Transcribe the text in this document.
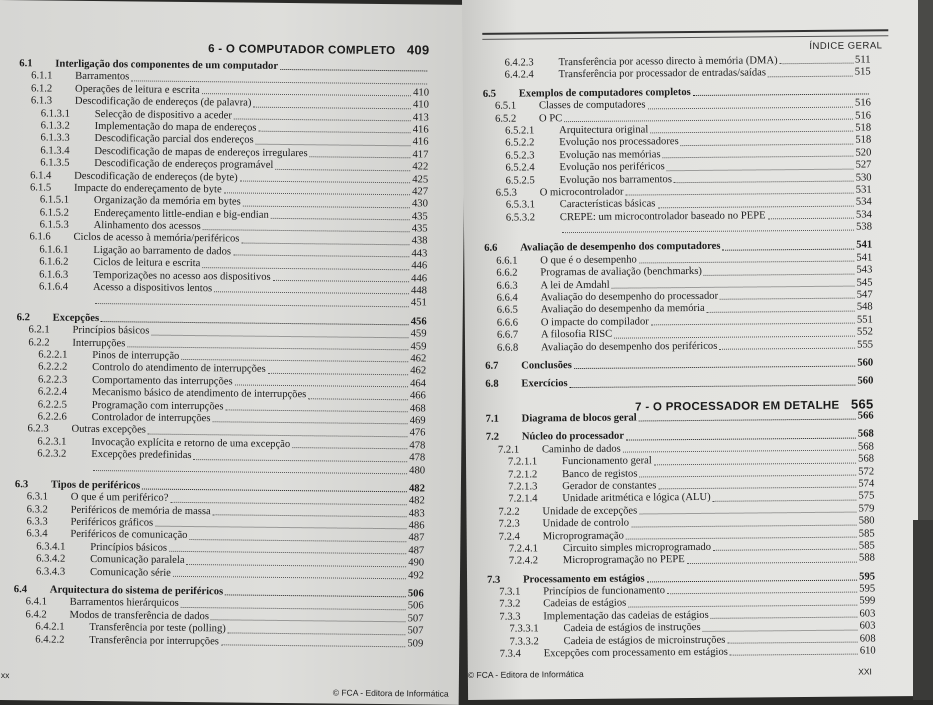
6 - O COMPUTADOR COMPLETO 409
6.1 Interligação dos componentes de um computador
6.1.1 Barramentos
6.1.2 Operações de leitura e escrita	410
6.1.3 Descodificação de endereços (de palavra)	410
6.1.3.1 Selecção de dispositivo a aceder	413
6.1.3.2 Implementação do mapa de endereços	416
6.1.3.3 Descodificação parcial dos endereços	416
6.1.3.4 Descodificação de mapas de endereços irregulares	417
6.1.3.5 Descodificação de endereços programável	422
6.1.4 Descodificação de endereços (de byte)	425
6.1.5 Impacte do endereçamento de byte	427
6.1.5.1 Organização da memória em bytes	430
6.1.5.2 Endereçamento little-endian e big-endian	435
6.1.5.3 Alinhamento dos acessos	435
6.1.6 Ciclos de acesso à memória/periféricos	438
6.1.6.1 Ligação ao barramento de dados	443
6.1.6.2 Ciclos de leitura e escrita	446
6.1.6.3 Temporizações no acesso aos dispositivos	446
6.1.6.4 Acesso a dispositivos lentos	448
451
6.2 Excepções	456
6.2.1 Princípios básicos	459
6.2.2 Interrupções	459
6.2.2.1 Pinos de interrupção	462
6.2.2.2 Controlo do atendimento de interrupções	462
6.2.2.3 Comportamento das interrupções	464
6.2.2.4 Mecanismo básico de atendimento de interrupções	466
6.2.2.5 Programação com interrupções	468
6.2.2.6 Controlador de interrupções	469
6.2.3 Outras excepções	476
6.2.3.1 Invocação explícita e retorno de uma excepção	478
6.2.3.2 Excepções predefinidas	478
480
6.3 Tipos de periféricos	482
6.3.1 O que é um periférico?	482
6.3.2 Periféricos de memória de massa	483
6.3.3 Periféricos gráficos	486
6.3.4 Periféricos de comunicação	487
6.3.4.1 Princípios básicos	487
6.3.4.2 Comunicação paralela	490
6.3.4.3 Comunicação série	492
6.4 Arquitectura do sistema de periféricos	506
6.4.1 Barramentos hierárquicos	506
6.4.2 Modos de transferência de dados	507
6.4.2.1 Transferência por teste (polling)	507
6.4.2.2 Transferência por interrupções	509
xx
© FCA - Editora de Informática
ÍNDICE GERAL
6.4.2.3 Transferência por acesso directo à memória (DMA)	511
6.4.2.4 Transferência por processador de entradas/saídas	515
6.5 Exemplos de computadores completos
6.5.1 Classes de computadores	516
6.5.2 O PC	516
6.5.2.1 Arquitectura original	518
6.5.2.2 Evolução nos processadores	518
6.5.2.3 Evolução nas memórias	520
6.5.2.4 Evolução nos periféricos	527
6.5.2.5 Evolução nos barramentos	530
6.5.3 O microcontrolador	531
6.5.3.1 Características básicas	534
6.5.3.2 CREPE: um microcontrolador baseado no PEPE	534
538
6.6 Avaliação de desempenho dos computadores	541
6.6.1 O que é o desempenho	541
6.6.2 Programas de avaliação (benchmarks)	543
6.6.3 A lei de Amdahl	545
6.6.4 Avaliação do desempenho do processador	547
6.6.5 Avaliação do desempenho da memória	548
6.6.6 O impacte do compilador	551
6.6.7 A filosofia RISC	552
6.6.8 Avaliação do desempenho dos periféricos	555
6.7 Conclusões	560
6.8 Exercícios	560
7 - O PROCESSADOR EM DETALHE 565
7.1 Diagrama de blocos geral	566
7.2 Núcleo do processador	568
7.2.1 Caminho de dados	568
7.2.1.1 Funcionamento geral	568
7.2.1.2 Banco de registos	572
7.2.1.3 Gerador de constantes	574
7.2.1.4 Unidade aritmética e lógica (ALU)	575
7.2.2 Unidade de excepções	579
7.2.3 Unidade de controlo	580
7.2.4 Microprogramação	585
7.2.4.1 Circuito simples microprogramado	585
7.2.4.2 Microprogramação no PEPE	588
7.3 Processamento em estágios	595
7.3.1 Princípios de funcionamento	595
7.3.2 Cadeias de estágios	599
7.3.3 Implementação das cadeias de estágios	603
7.3.3.1 Cadeia de estágios de instruções	603
7.3.3.2 Cadeia de estágios de microinstruções	608
7.3.4 Excepções com processamento em estágios	610
© FCA - Editora de Informática	XXI
